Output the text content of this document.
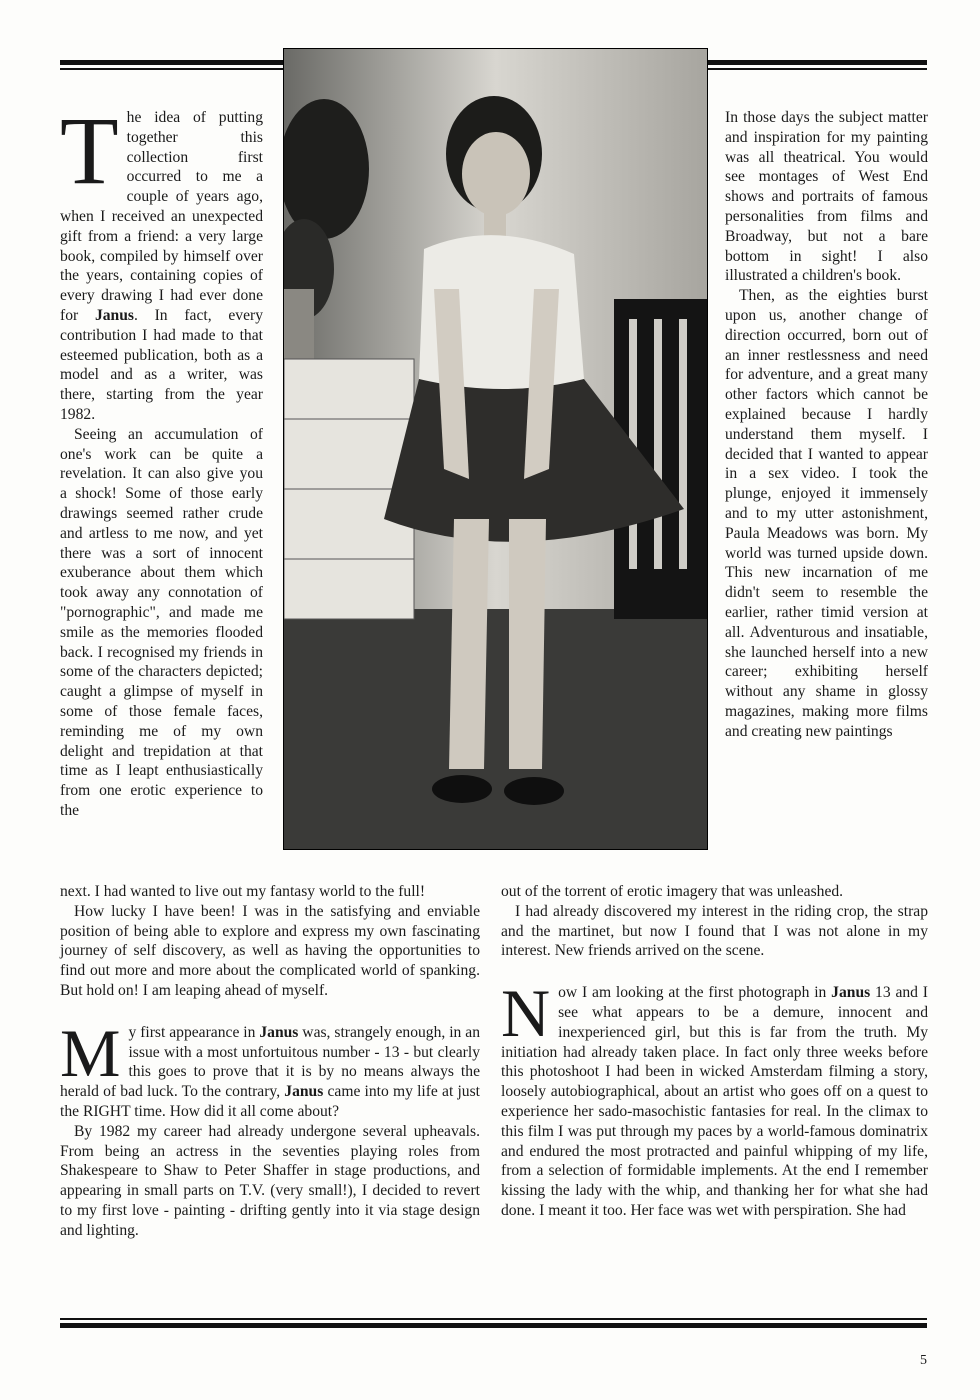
The idea of putting together this collection first occurred to me a couple of years ago, when I received an unexpected gift from a friend: a very large book, compiled by himself over the years, containing copies of every drawing I had ever done for Janus. In fact, every contribution I had made to that esteemed publication, both as a model and as a writer, was there, starting from the year 1982.

Seeing an accumulation of one's work can be quite a revelation. It can also give you a shock! Some of those early drawings seemed rather crude and artless to me now, and yet there was a sort of innocent exuberance about them which took away any connotation of "pornographic", and made me smile as the memories flooded back. I recognised my friends in some of the characters depicted; caught a glimpse of myself in some of those female faces, reminding me of my own delight and trepidation at that time as I leapt enthusiastically from one erotic experience to the

In those days the subject matter and inspiration for my painting was all theatrical. You would see montages of West End shows and portraits of famous personalities from films and Broadway, but not a bare bottom in sight! I also illustrated a children's book.

Then, as the eighties burst upon us, another change of direction occurred, born out of an inner restlessness and need for adventure, and a great many other factors which cannot be explained because I hardly understand them myself. I decided that I wanted to appear in a sex video. I took the plunge, enjoyed it immensely and to my utter astonishment, Paula Meadows was born. My world was turned upside down. This new incarnation of me didn't seem to resemble the earlier, rather timid version at all. Adventurous and insatiable, she launched herself into a new career; exhibiting herself without any shame in glossy magazines, making more films and creating new paintings

next. I had wanted to live out my fantasy world to the full!

How lucky I have been! I was in the satisfying and enviable position of being able to explore and express my own fascinating journey of self discovery, as well as having the opportunities to find out more and more about the complicated world of spanking. But hold on! I am leaping ahead of myself.

My first appearance in Janus was, strangely enough, in an issue with a most unfortuitous number - 13 - but clearly this goes to prove that it is by no means always the herald of bad luck. To the contrary, Janus came into my life at just the RIGHT time. How did it all come about?

By 1982 my career had already undergone several upheavals. From being an actress in the seventies playing roles from Shakespeare to Shaw to Peter Shaffer in stage productions, and appearing in small parts on T.V. (very small!), I decided to revert to my first love - painting - drifting gently into it via stage design and lighting.

out of the torrent of erotic imagery that was unleashed.

I had already discovered my interest in the riding crop, the strap and the martinet, but now I found that I was not alone in my interest. New friends arrived on the scene.

Now I am looking at the first photograph in Janus 13 and I see what appears to be a demure, innocent and inexperienced girl, but this is far from the truth. My initiation had already taken place. In fact only three weeks before this photoshoot I had been in wicked Amsterdam filming a story, loosely autobiographical, about an artist who goes off on a quest to experience her sado-masochistic fantasies for real. In the climax to this film I was put through my paces by a world-famous dominatrix and endured the most protracted and painful whipping of my life, from a selection of formidable implements. At the end I remember kissing the lady with the whip, and thanking her for what she had done. I meant it too. Her face was wet with perspiration. She had

5
